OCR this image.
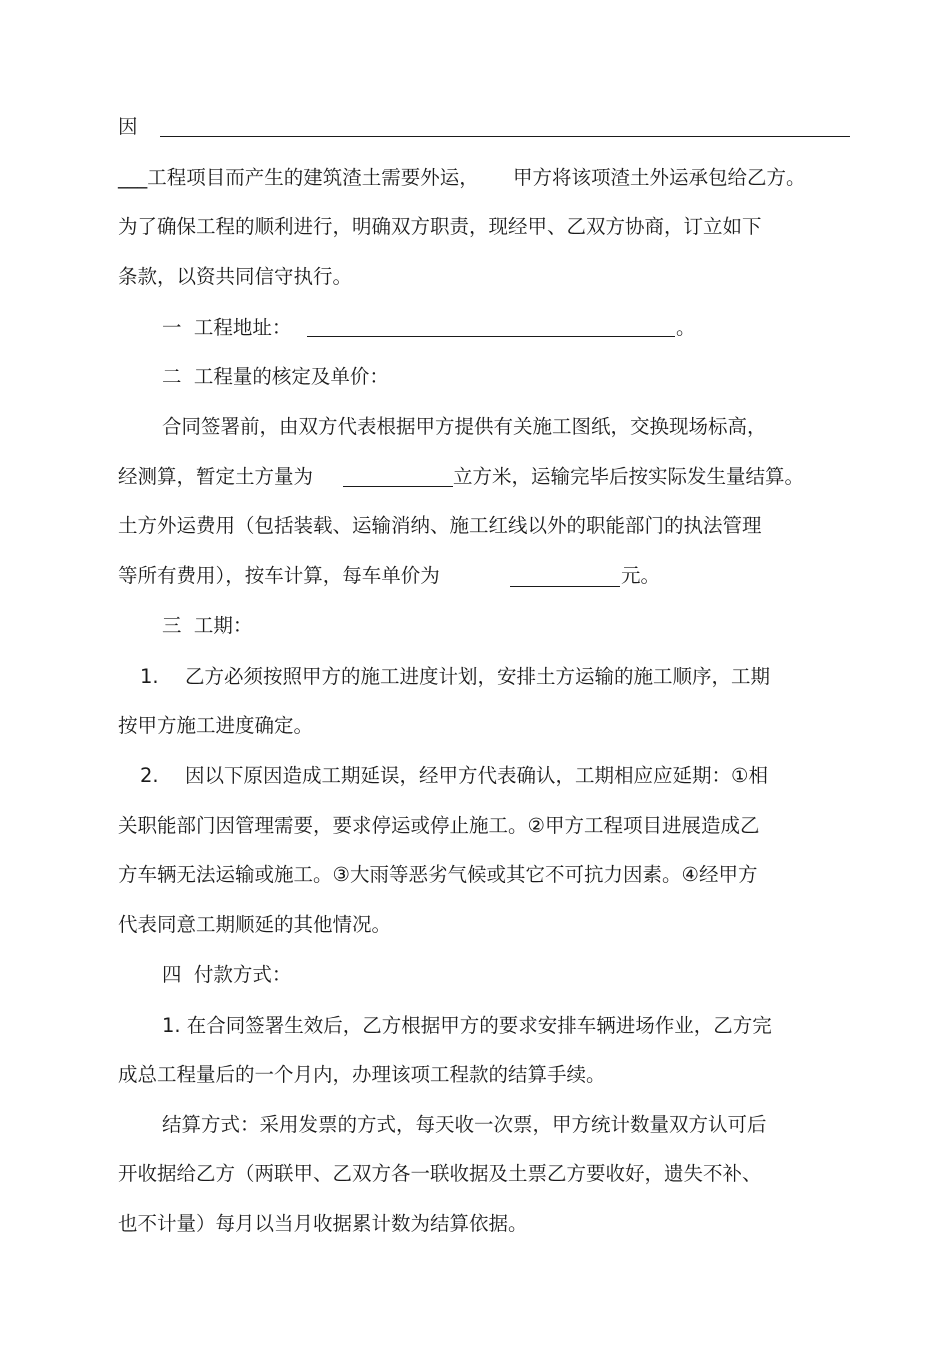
因
___工程项目而产生的建筑渣土需要外运， 甲方将该项渣土外运承包给乙方。
为了确保工程的顺利进行，明确双方职责，现经甲、乙双方协商，订立如下
条款，以资共同信守执行。
一  工程地址：	。
二  工程量的核定及单价：
合同签署前，由双方代表根据甲方提供有关施工图纸，交换现场标高，
经测算，暂定土方量为	立方米，运输完毕后按实际发生量结算。
土方外运费用（包括装载、运输消纳、施工红线以外的职能部门的执法管理
等所有费用），按车计算，每车单价为	元。
三  工期：
1. 乙方必须按照甲方的施工进度计划，安排土方运输的施工顺序，工期
按甲方施工进度确定。
2. 因以下原因造成工期延误，经甲方代表确认，工期相应应延期：①相
关职能部门因管理需要，要求停运或停止施工。②甲方工程项目进展造成乙
方车辆无法运输或施工。③大雨等恶劣气候或其它不可抗力因素。④经甲方
代表同意工期顺延的其他情况。
四  付款方式：
1. 在合同签署生效后，乙方根据甲方的要求安排车辆进场作业，乙方完
成总工程量后的一个月内，办理该项工程款的结算手续。
结算方式：采用发票的方式，每天收一次票，甲方统计数量双方认可后
开收据给乙方（两联甲、乙双方各一联收据及土票乙方要收好，遗失不补、
也不计量）每月以当月收据累计数为结算依据。
